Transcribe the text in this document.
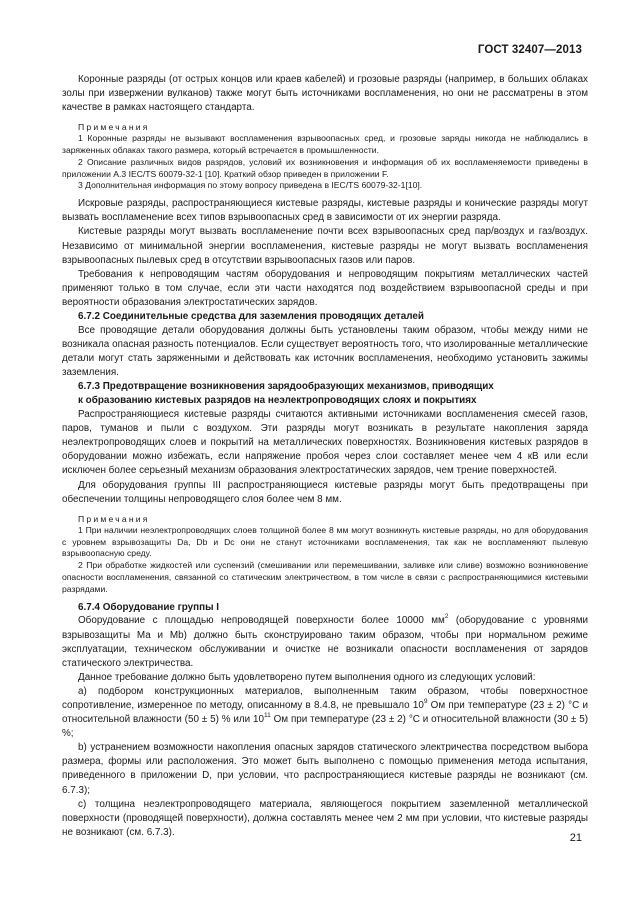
ГОСТ 32407—2013

Коронные разряды (от острых концов или краев кабелей) и грозовые разряды (например, в больших облаках золы при извержении вулканов) также могут быть источниками воспламенения, но они не рассматрены в этом качестве в рамках настоящего стандарта.

Примечания

1 Коронные разряды не вызывают воспламенения взрывоопасных сред, и грозовые заряды никогда не наблюдались в заряженных облаках такого размера, который встречается в промышленности.

2 Описание различных видов разрядов, условий их возникновения и информация об их воспламеняемости приведены в приложении А.3 IEC/TS 60079-32-1 [10]. Краткий обзор приведен в приложении F.

3 Дополнительная информация по этому вопросу приведена в IEC/TS 60079-32-1[10].

Искровые разряды, распространяющиеся кистевые разряды, кистевые разряды и конические разряды могут вызвать воспламенение всех типов взрывоопасных сред в зависимости от их энергии разряда.

Кистевые разряды могут вызвать воспламенение почти всех взрывоопасных сред пар/воздух и газ/воздух. Независимо от минимальной энергии воспламенения, кистевые разряды не могут вызвать воспламенения взрывоопасных пылевых сред в отсутствии взрывоопасных газов или паров.

Требования к непроводящим частям оборудования и непроводящим покрытиям металлических частей применяют только в том случае, если эти части находятся под воздействием взрывоопасной среды и при вероятности образования электростатических зарядов.

6.7.2 Соединительные средства для заземления проводящих деталей

Все проводящие детали оборудования должны быть установлены таким образом, чтобы между ними не возникала опасная разность потенциалов. Если существует вероятность того, что изолированные металлические детали могут стать заряженными и действовать как источник воспламенения, необходимо установить зажимы заземления.

6.7.3 Предотвращение возникновения зарядообразующих механизмов, приводящих

к образованию кистевых разрядов на неэлектропроводящих слоях и покрытиях

Распространяющиеся кистевые разряды считаются активными источниками воспламенения смесей газов, паров, туманов и пыли с воздухом. Эти разряды могут возникать в результате накопления заряда неэлектропроводящих слоев и покрытий на металлических поверхностях. Возникновения кистевых разрядов в оборудовании можно избежать, если напряжение пробоя через слои составляет менее чем 4 кВ или если исключен более серьезный механизм образования электростатических зарядов, чем трение поверхностей.

Для оборудования группы III распространяющиеся кистевые разряды могут быть предотвращены при обеспечении толщины непроводящего слоя более чем 8 мм.

Примечания

1 При наличии неэлектропроводящих слоев толщиной более 8 мм могут возникнуть кистевые разряды, но для оборудования с уровнем взрывозащиты Da, Db и Dc они не станут источниками воспламенения, так как не воспламеняют пылевую взрывоопасную среду.

2 При обработке жидкостей или суспензий (смешивании или перемешивании, заливке или сливе) возможно возникновение опасности воспламенения, связанной со статическим электричеством, в том числе в связи с распространяющимися кистевыми разрядами.

6.7.4 Оборудование группы I

Оборудование с площадью непроводящей поверхности более 10000 $мм^2$ (оборудование с уровнями взрывозащиты Ма и Мb) должно быть сконструировано таким образом, чтобы при нормальном режиме эксплуатации, техническом обслуживании и очистке не возникали опасности воспламенения от зарядов статического электричества.

Данное требование должно быть удовлетворено путем выполнения одного из следующих условий:

а) подбором конструкционных материалов, выполненным таким образом, чтобы поверхностное сопротивление, измеренное по методу, описанному в 8.4.8, не превышало $10^9$ Ом при температуре (23 ± 2) °С и относительной влажности (50 ± 5) % или $10^{11}$ Ом при температуре (23 ± 2) °С и относительной влажности (30 ± 5) %;

b) устранением возможности накопления опасных зарядов статического электричества посредством выбора размера, формы или расположения. Это может быть выполнено с помощью применения метода испытания, приведенного в приложении D, при условии, что распространяющиеся кистевые разряды не возникают (см. 6.7.3);

с) толщина неэлектропроводящего материала, являющегося покрытием заземленной металлической поверхности (проводящей поверхности), должна составлять менее чем 2 мм при условии, что кистевые разряды не возникают (см. 6.7.3).	21
